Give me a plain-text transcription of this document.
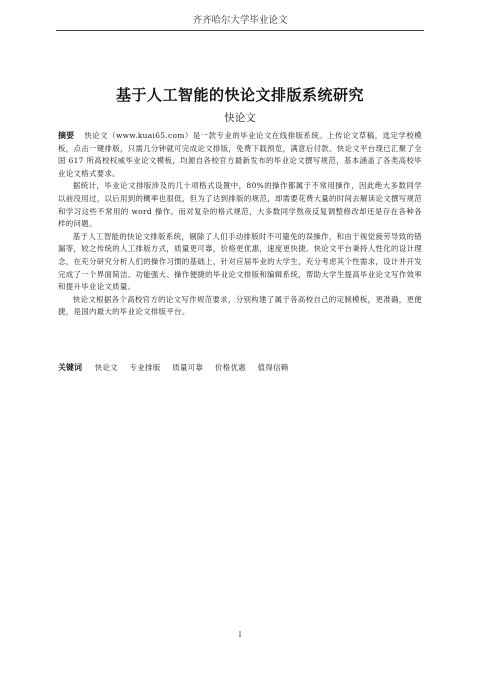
齐齐哈尔大学毕业论文
基于人工智能的快论文排版系统研究
快论文

摘要 快论文（www.kuai65.com）是一款专业的毕业论文在线排版系统。上传论文草稿，选定学校模板，点击一键排版，只需几分钟就可完成论文排版，免费下载预览，满意后付款。快论文平台现已汇聚了全国 617 所高校权威毕业论文模板，均源自各校官方最新发布的毕业论文撰写规范，基本涵盖了各类高校毕业论文格式要求。

据统计，毕业论文排版涉及的几十项格式设置中，80%的操作都属于不常用操作，因此绝大多数同学以前没用过，以后用到的概率也很低，但为了达到排版的规范，却需要花费大量的时间去解读论文撰写规范和学习这些不常用的 word 操作。而对复杂的格式规范，大多数同学熬夜反复调整修改却还是存在各种各样的问题。

基于人工智能的快论文排版系统，剔除了人们手动排版时不可避免的误操作，和由于视觉疲劳导致的错漏等，较之传统的人工排版方式，质量更可靠，价格更优惠，速度更快捷。快论文平台秉持人性化的设计理念，在充分研究分析人们的操作习惯的基础上，针对应届毕业的大学生，充分考虑其个性需求，设计并开发完成了一个界面简洁、功能强大、操作便捷的毕业论文排版和编辑系统，帮助大学生提高毕业论文写作效率和提升毕业论文质量。

快论文根据各个高校官方的论文写作规范要求，分别构建了属于各高校自己的定制模板，更准确，更便捷，是国内最大的毕业论文排版平台。

关键词 快论文 专业排版 质量可靠 价格优惠 值得信赖
I
